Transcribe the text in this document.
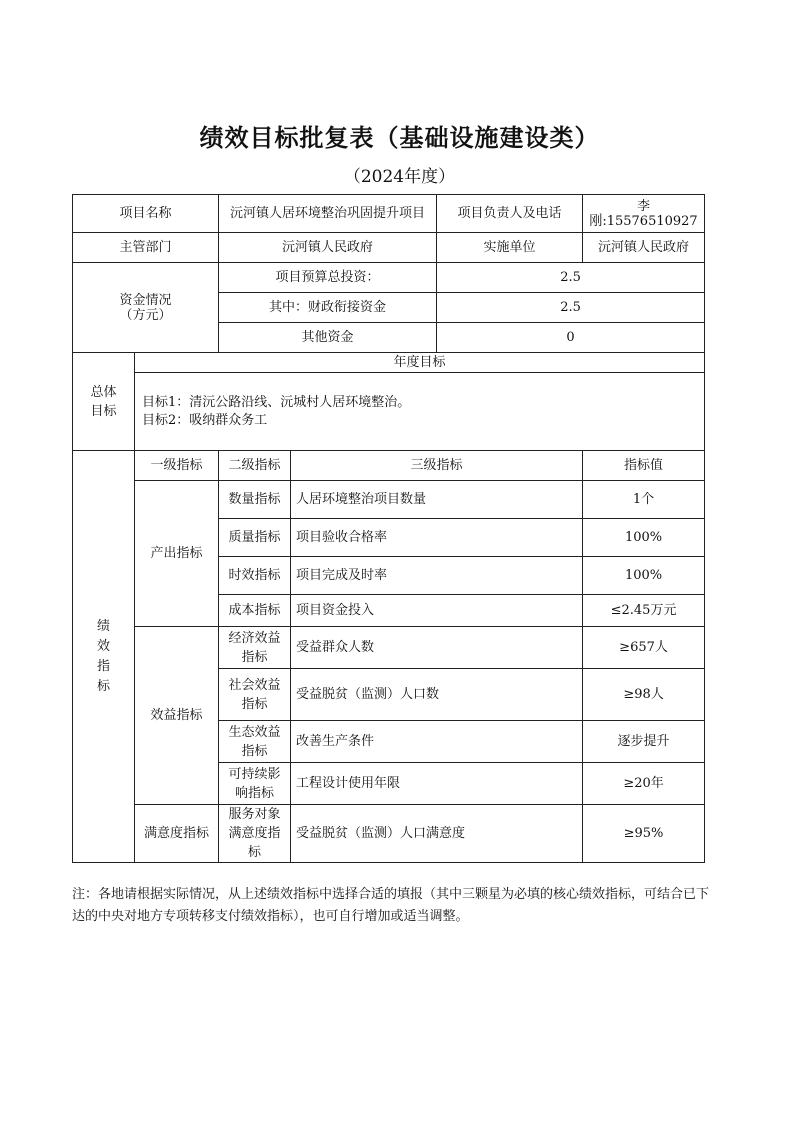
绩效目标批复表（基础设施建设类）
（2024年度）
项目名称		沅河镇人居环境整治巩固提升项目		项目负责人及电话	李刚:15576510927
主管部门		沅河镇人民政府		实施单位	沅河镇人民政府

资金情况
（方元）		项目预算总投资：		2.5	
		其中：财政衔接资金		2.5	
		其他资金		0	
总体目标	年度目标				

	目标1：清沅公路沿线、沅城村人居环境整治。
目标2：吸纳群众务工				

绩效指标	一级指标	二级指标	三级指标		指标值
	产出指标	数量指标	人居环境整治项目数量		1个
		质量指标	项目验收合格率		100%
		时效指标	项目完成及时率		100%
		成本指标	项目资金投入		≤2.45万元
	效益指标	经济效益指标	受益群众人数		≥657人
		社会效益指标	受益脱贫（监测）人口数		≥98人
		生态效益指标	改善生产条件		逐步提升
		可持续影响指标	工程设计使用年限		≥20年
	满意度指标	服务对象满意度指标	受益脱贫（监测）人口满意度		≥95%
注：各地请根据实际情况，从上述绩效指标中选择合适的填报（其中三颗星为必填的核心绩效指标，可结合已下达的中央对地方专项转移支付绩效指标），也可自行增加或适当调整。
